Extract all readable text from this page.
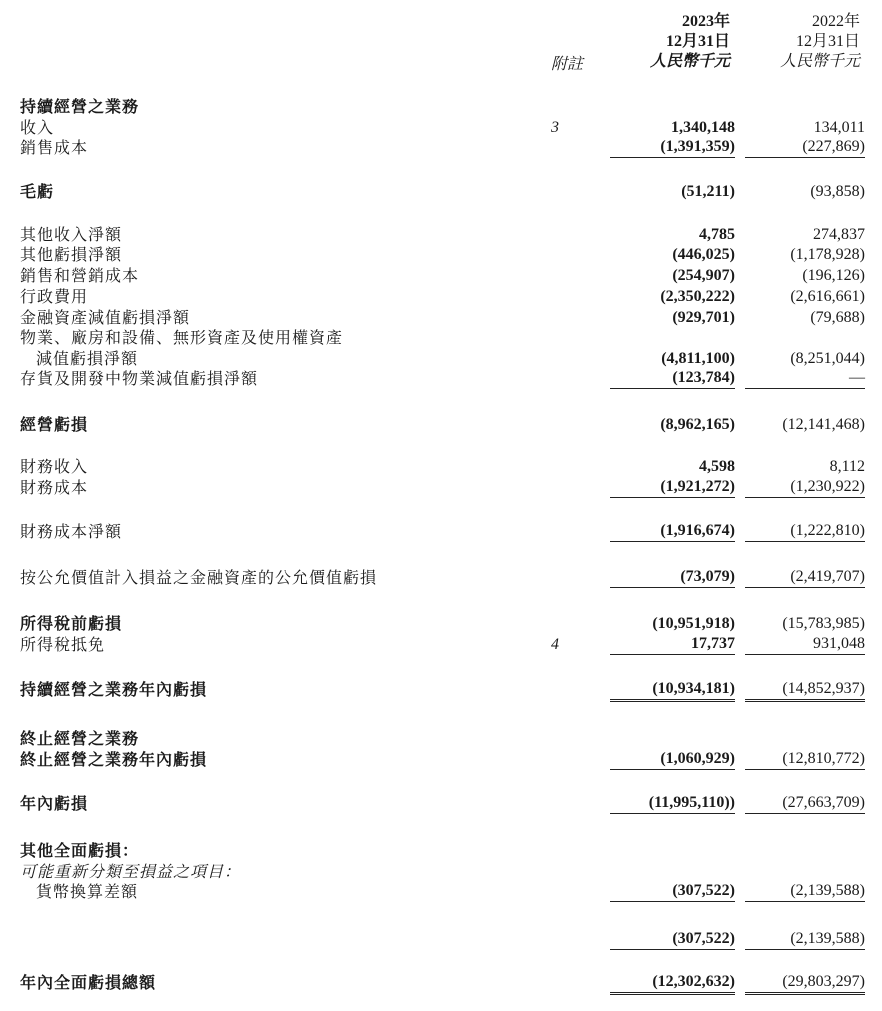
附註
2023年
12月31日
人民幣千元
2022年
12月31日
人民幣千元
持續經營之業務
收入	3	1,340,148	134,011
銷售成本	(1,391,359)	(227,869)
毛虧	(51,211)	(93,858)
其他收入淨額	4,785	274,837
其他虧損淨額	(446,025)	(1,178,928)
銷售和營銷成本	(254,907)	(196,126)
行政費用	(2,350,222)	(2,616,661)
金融資產減值虧損淨額	(929,701)	(79,688)
物業、廠房和設備、無形資產及使用權資產
減值虧損淨額	(4,811,100)	(8,251,044)
存貨及開發中物業減值虧損淨額	(123,784)	—
經營虧損	(8,962,165)	(12,141,468)
財務收入	4,598	8,112
財務成本	(1,921,272)	(1,230,922)
財務成本淨額	(1,916,674)	(1,222,810)
按公允價值計入損益之金融資產的公允價值虧損	(73,079)	(2,419,707)
所得稅前虧損	(10,951,918)	(15,783,985)
所得稅抵免	4	17,737	931,048
持續經營之業務年內虧損	(10,934,181)	(14,852,937)
終止經營之業務
終止經營之業務年內虧損	(1,060,929)	(12,810,772)
年內虧損	(11,995,110))	(27,663,709)
其他全面虧損：
可能重新分類至損益之項目：
貨幣換算差額	(307,522)	(2,139,588)
(307,522)	(2,139,588)
年內全面虧損總額	(12,302,632)	(29,803,297)
